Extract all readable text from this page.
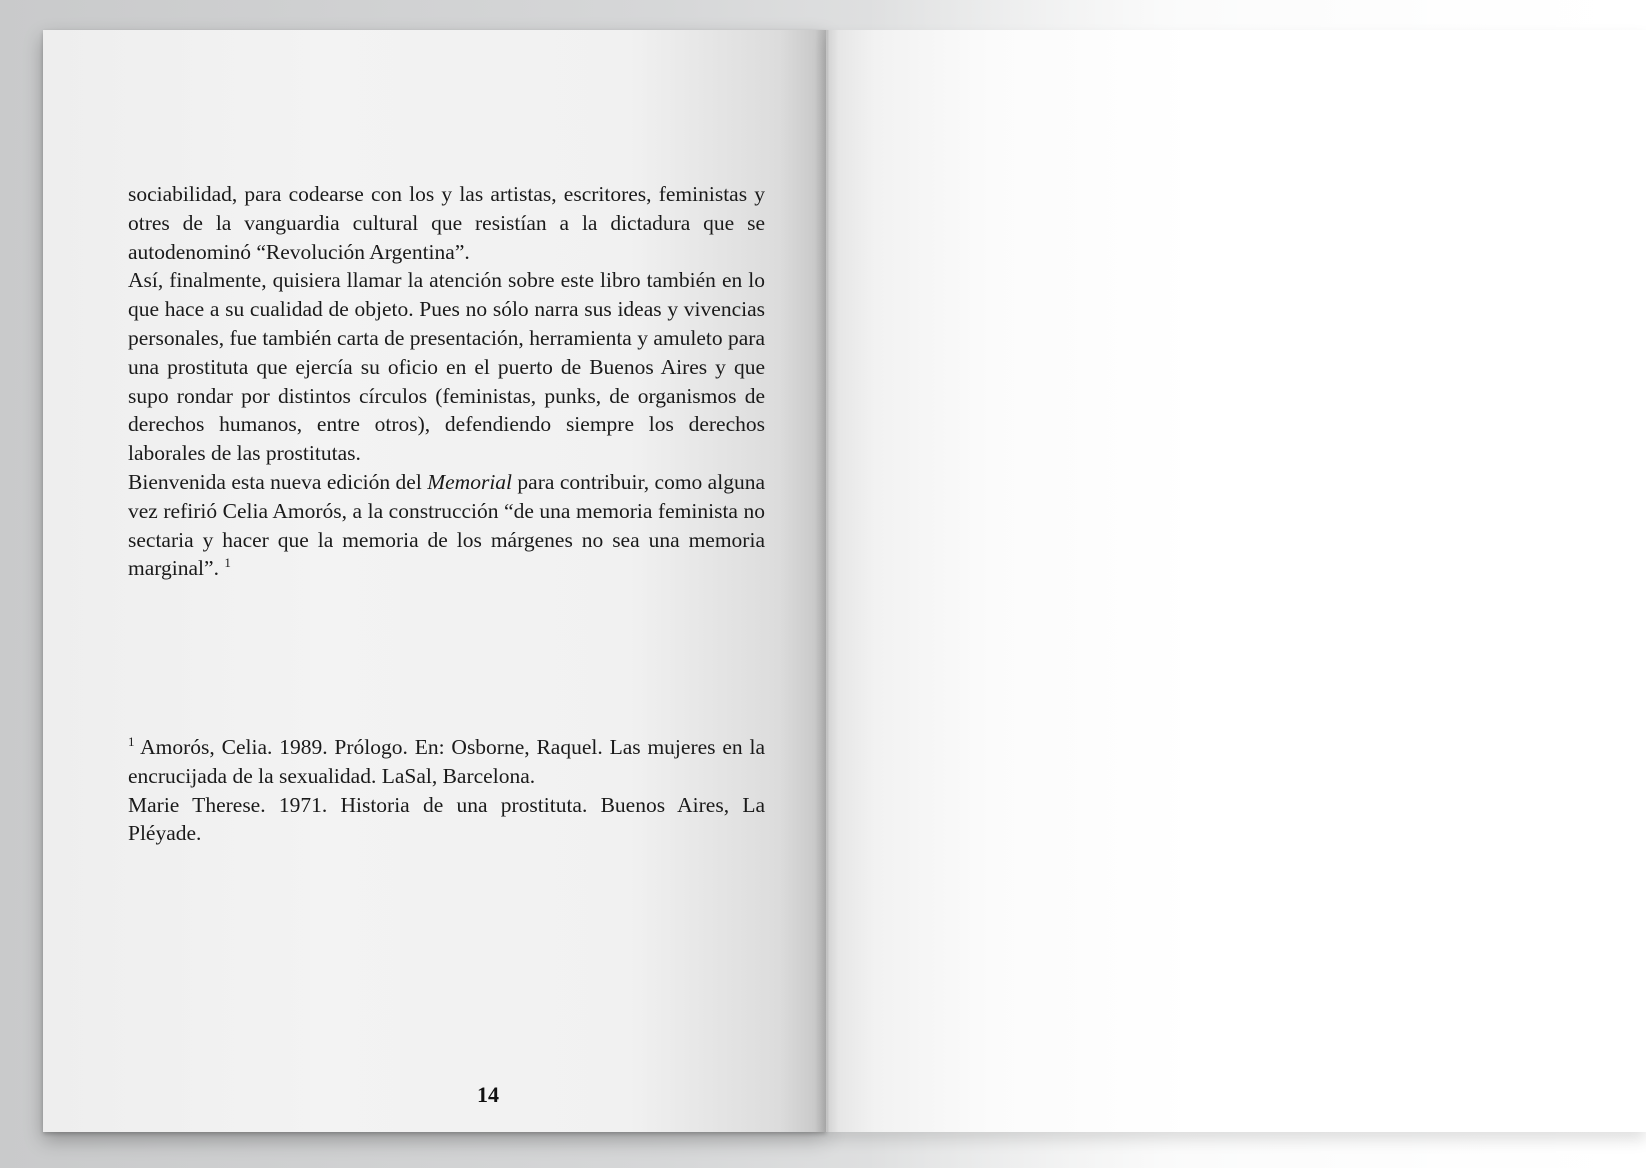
sociabilidad, para codearse con los y las artistas, escritores, feministas y otres de la vanguardia cultural que resistían a la dictadura que se autodenominó “Revolución Argentina”.

Así, finalmente, quisiera llamar la atención sobre este libro también en lo que hace a su cualidad de objeto. Pues no sólo narra sus ideas y vivencias personales, fue también carta de presentación, herramienta y amuleto para una prostituta que ejercía su oficio en el puerto de Buenos Aires y que supo rondar por distintos círculos (feministas, punks, de organismos de derechos humanos, entre otros), defendiendo siempre los derechos laborales de las prostitutas.

Bienvenida esta nueva edición del Memorial para contribuir, como alguna vez refirió Celia Amorós, a la construcción “de una memoria feminista no sectaria y hacer que la memoria de los márgenes no sea una memoria marginal”. $^1$

$^1$ Amorós, Celia. 1989. Prólogo. En: Osborne, Raquel. Las mujeres en la encrucijada de la sexualidad. LaSal, Barcelona.

Marie Therese. 1971. Historia de una prostituta. Buenos Aires, La Pléyade.

14
